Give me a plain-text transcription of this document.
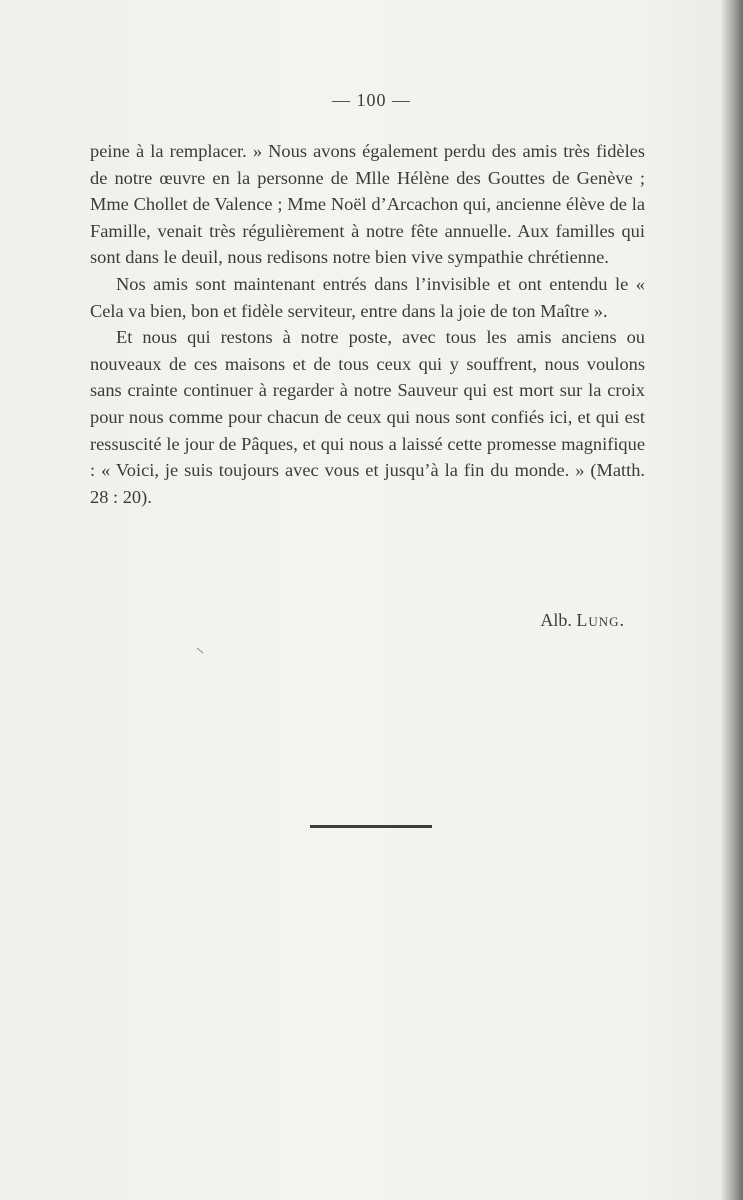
— 100 —

peine à la remplacer. » Nous avons également perdu des amis très fidèles de notre œuvre en la personne de Mlle Hélène des Gouttes de Genève ; Mme Chollet de Valence ; Mme Noël d’Arcachon qui, ancienne élève de la Famille, venait très régulièrement à notre fête annuelle. Aux familles qui sont dans le deuil, nous redisons notre bien vive sympathie chrétienne.

Nos amis sont maintenant entrés dans l’invisible et ont entendu le « Cela va bien, bon et fidèle serviteur, entre dans la joie de ton Maître ».

Et nous qui restons à notre poste, avec tous les amis anciens ou nouveaux de ces maisons et de tous ceux qui y souffrent, nous voulons sans crainte continuer à regarder à notre Sauveur qui est mort sur la croix pour nous comme pour chacun de ceux qui nous sont confiés ici, et qui est ressuscité le jour de Pâques, et qui nous a laissé cette promesse magnifique : « Voici, je suis toujours avec vous et jusqu’à la fin du monde. » (Matth. 28 : 20).

Alb. Lung.
